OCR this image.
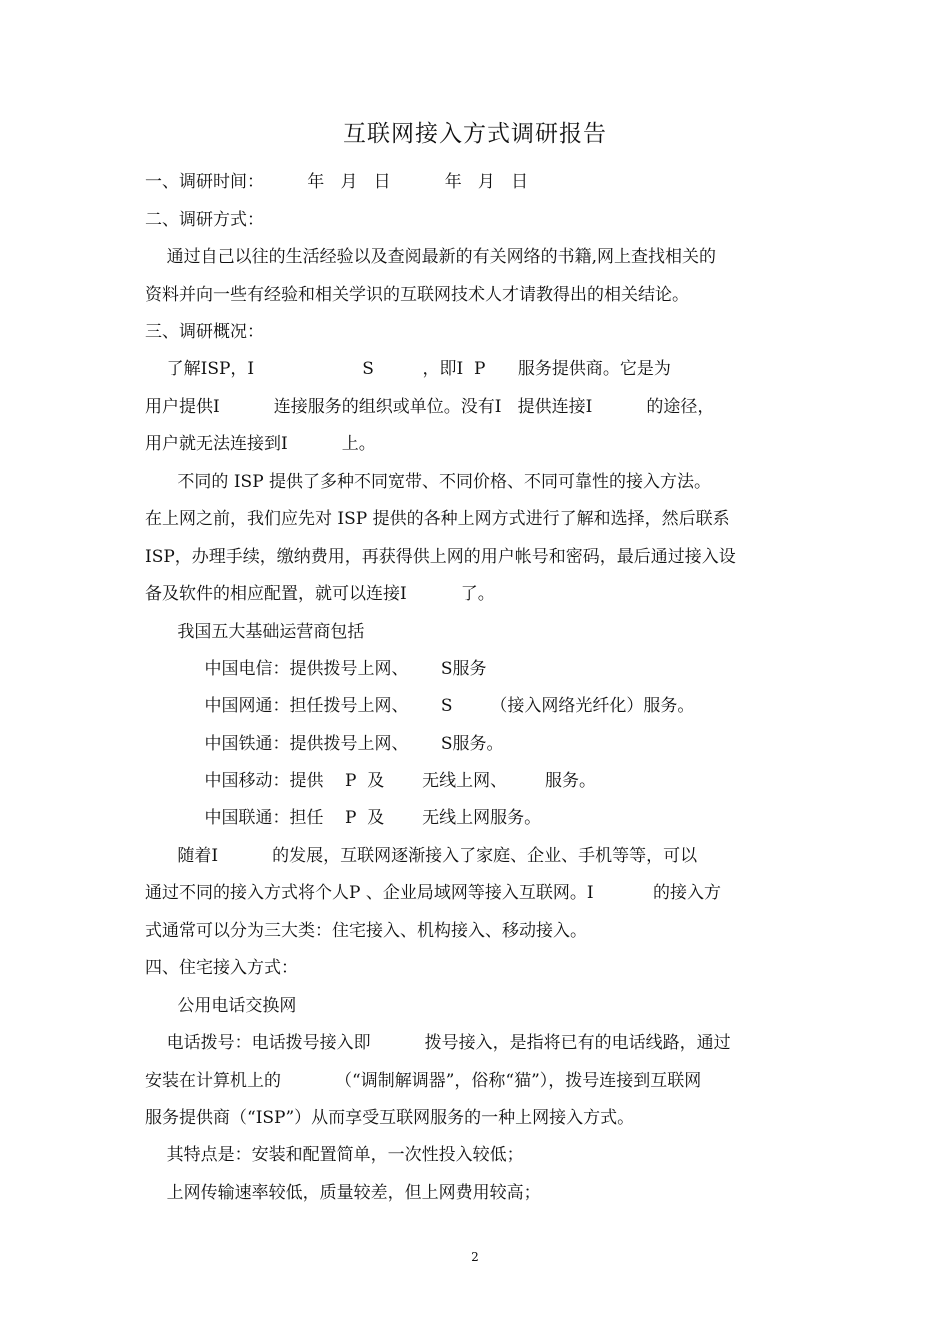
互联网接入方式调研报告
一、调研时间：        年   月   日          年   月   日
二、调研方式：
通过自己以往的生活经验以及查阅最新的有关网络的书籍,网上查找相关的
资料并向一些有经验和相关学识的互联网技术人才请教得出的相关结论。
三、调研概况：
了解ISP，I                    S         ，即I  P      服务提供商。它是为
用户提供I          连接服务的组织或单位。没有I   提供连接I          的途径，
用户就无法连接到I          上。
不同的 ISP 提供了多种不同宽带、不同价格、不同可靠性的接入方法。
在上网之前，我们应先对 ISP 提供的各种上网方式进行了解和选择，然后联系
ISP，办理手续，缴纳费用，再获得供上网的用户帐号和密码，最后通过接入设
备及软件的相应配置，就可以连接I          了。
我国五大基础运营商包括
中国电信：提供拨号上网、      S服务
中国网通：担任拨号上网、      S       （接入网络光纤化）服务。
中国铁通：提供拨号上网、      S服务。
中国移动：提供    P  及       无线上网、       服务。
中国联通：担任    P  及       无线上网服务。
随着I          的发展，互联网逐渐接入了家庭、企业、手机等等，可以
通过不同的接入方式将个人P 、企业局域网等接入互联网。I           的接入方
式通常可以分为三大类：住宅接入、机构接入、移动接入。
四、住宅接入方式：
公用电话交换网
电话拨号：电话拨号接入即          拨号接入，是指将已有的电话线路，通过
安装在计算机上的          （“调制解调器”，俗称“猫”），拨号连接到互联网
服务提供商（“ISP”）从而享受互联网服务的一种上网接入方式。
其特点是：安装和配置简单，一次性投入较低；
上网传输速率较低，质量较差，但上网费用较高；
2
